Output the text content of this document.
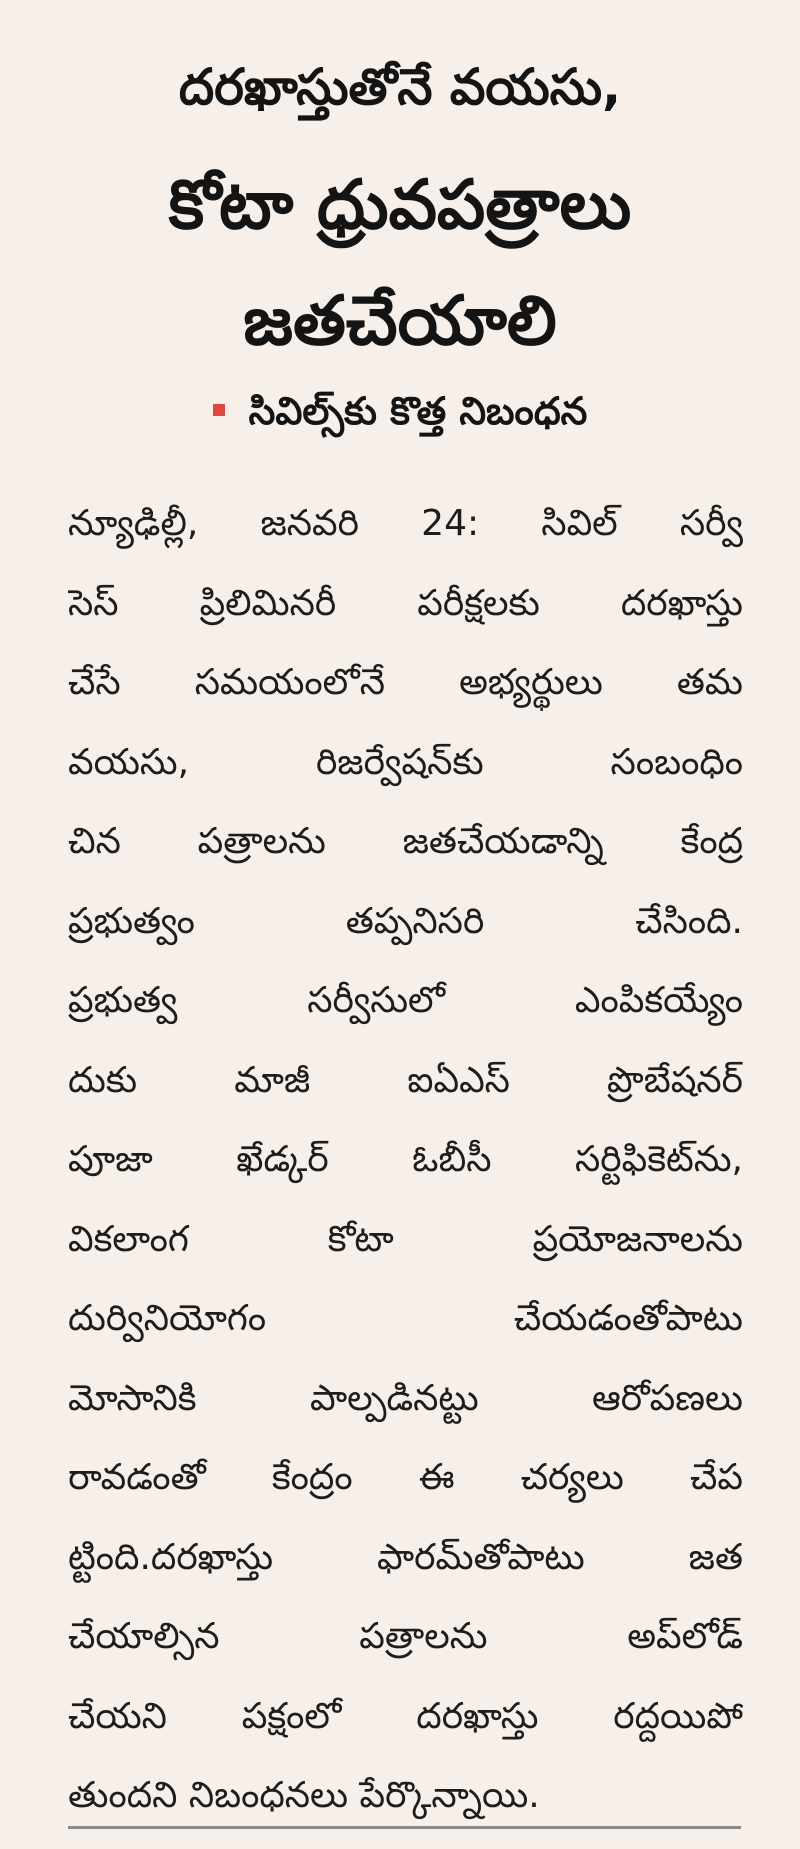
దరఖాస్తుతోనే వయసు,
కోటా ధ్రువపత్రాలు
జతచేయాలి
సివిల్స్‌కు కొత్త నిబంధన
న్యూఢిల్లీ, జనవరి 24: సివిల్ సర్వీ
సెస్ ప్రిలిమినరీ పరీక్షలకు దరఖాస్తు
చేసే సమయంలోనే అభ్యర్థులు తమ
వయసు, రిజర్వేషన్‌కు సంబంధిం
చిన పత్రాలను జతచేయడాన్ని కేంద్ర
ప్రభుత్వం తప్పనిసరి చేసింది.
ప్రభుత్వ సర్వీసులో ఎంపికయ్యేం
దుకు మాజీ ఐఏఎస్ ప్రొబేషనర్
పూజా ఖేడ్కర్ ఓబీసీ సర్టిఫికెట్‌ను,
వికలాంగ కోటా ప్రయోజనాలను
దుర్వినియోగం చేయడంతోపాటు
మోసానికి పాల్పడినట్టు ఆరోపణలు
రావడంతో కేంద్రం ఈ చర్యలు చేప
ట్టింది.దరఖాస్తు ఫారమ్‌తోపాటు జత
చేయాల్సిన పత్రాలను అప్‌లోడ్
చేయని పక్షంలో దరఖాస్తు రద్దయిపో
తుందని నిబంధనలు పేర్కొన్నాయి.
